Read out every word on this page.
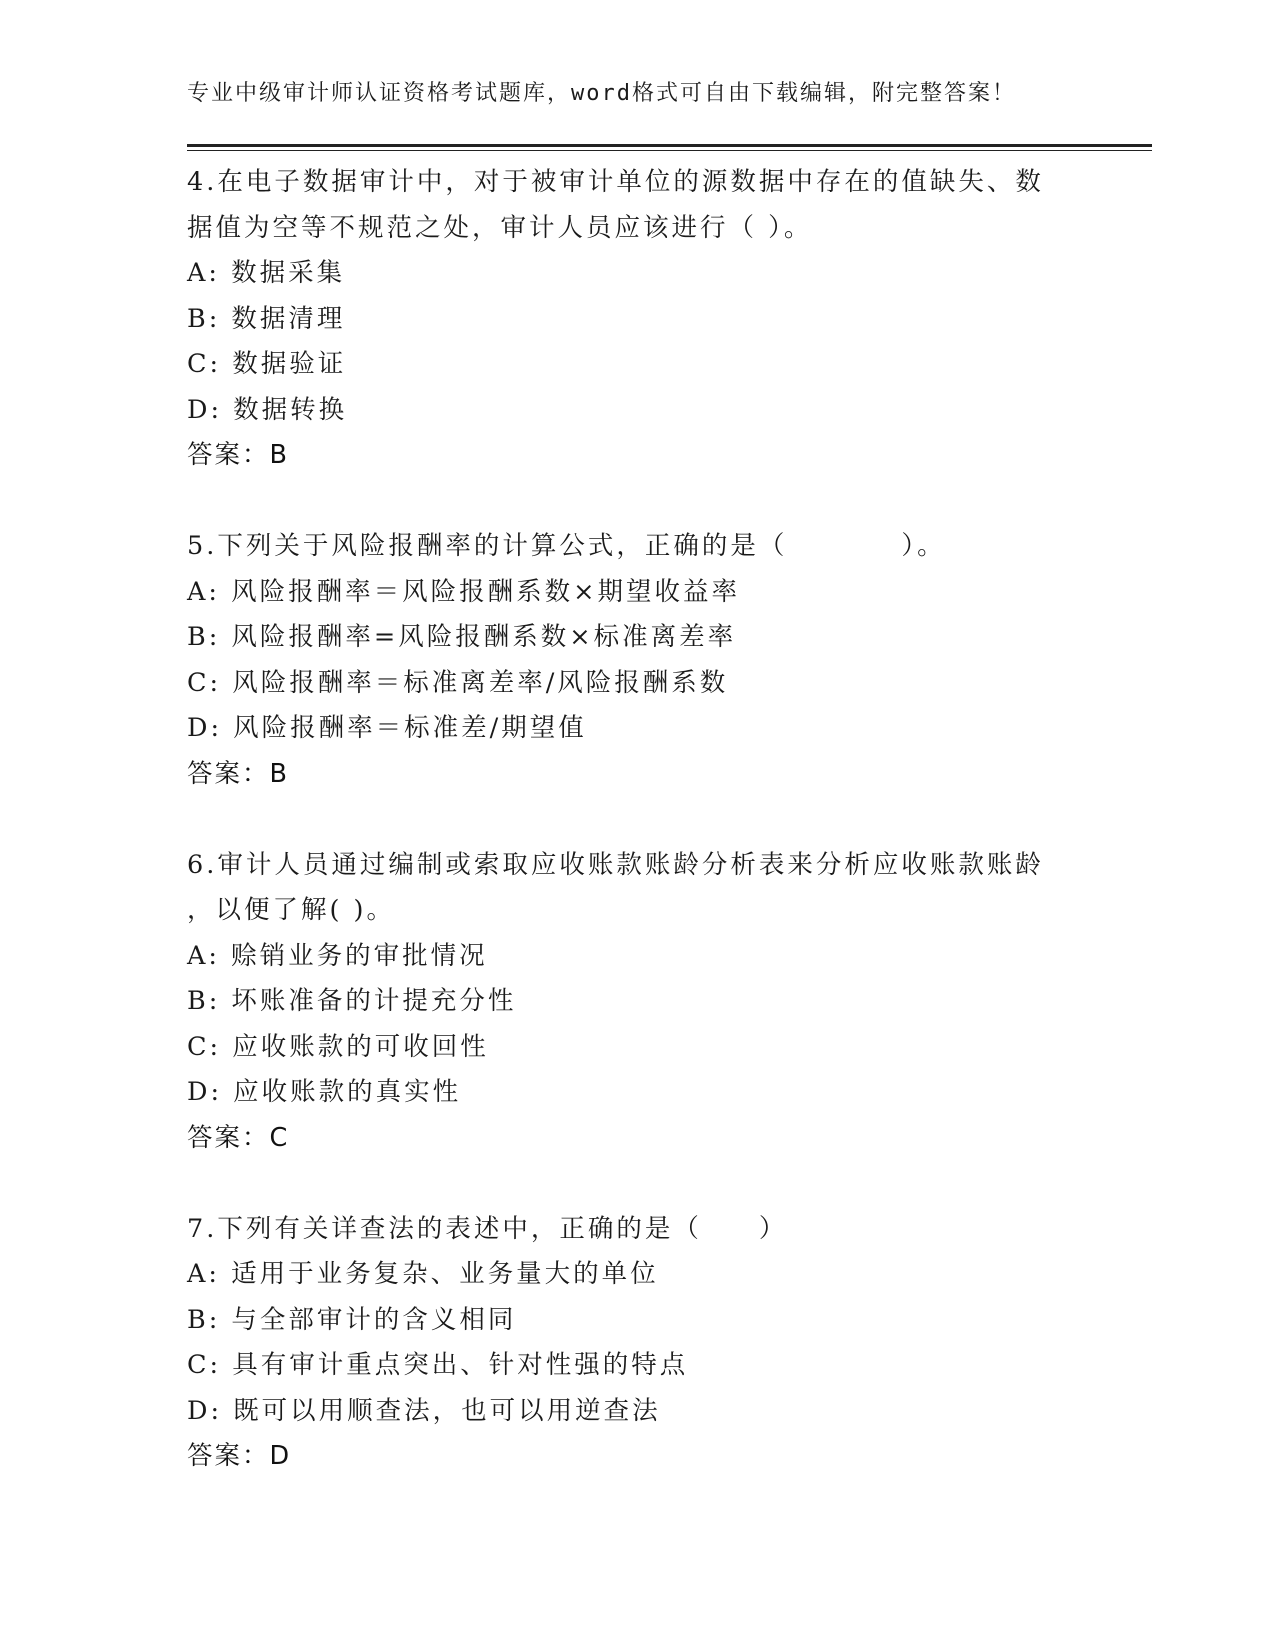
专业中级审计师认证资格考试题库，word格式可自由下载编辑，附完整答案！
4.在电子数据审计中，对于被审计单位的源数据中存在的值缺失、数
据值为空等不规范之处，审计人员应该进行（ ）。
A: 数据采集
B: 数据清理
C: 数据验证
D: 数据转换
答案：B
5.下列关于风险报酬率的计算公式，正确的是（　　　　）。
A: 风险报酬率＝风险报酬系数×期望收益率
B: 风险报酬率=风险报酬系数×标准离差率
C: 风险报酬率＝标准离差率/风险报酬系数
D: 风险报酬率＝标准差/期望值
答案：B
6.审计人员通过编制或索取应收账款账龄分析表来分析应收账款账龄
，以便了解( )。
A: 赊销业务的审批情况
B: 坏账准备的计提充分性
C: 应收账款的可收回性
D: 应收账款的真实性
答案：C
7.下列有关详查法的表述中，正确的是（　　）
A: 适用于业务复杂、业务量大的单位
B: 与全部审计的含义相同
C: 具有审计重点突出、针对性强的特点
D: 既可以用顺查法，也可以用逆查法
答案：D
